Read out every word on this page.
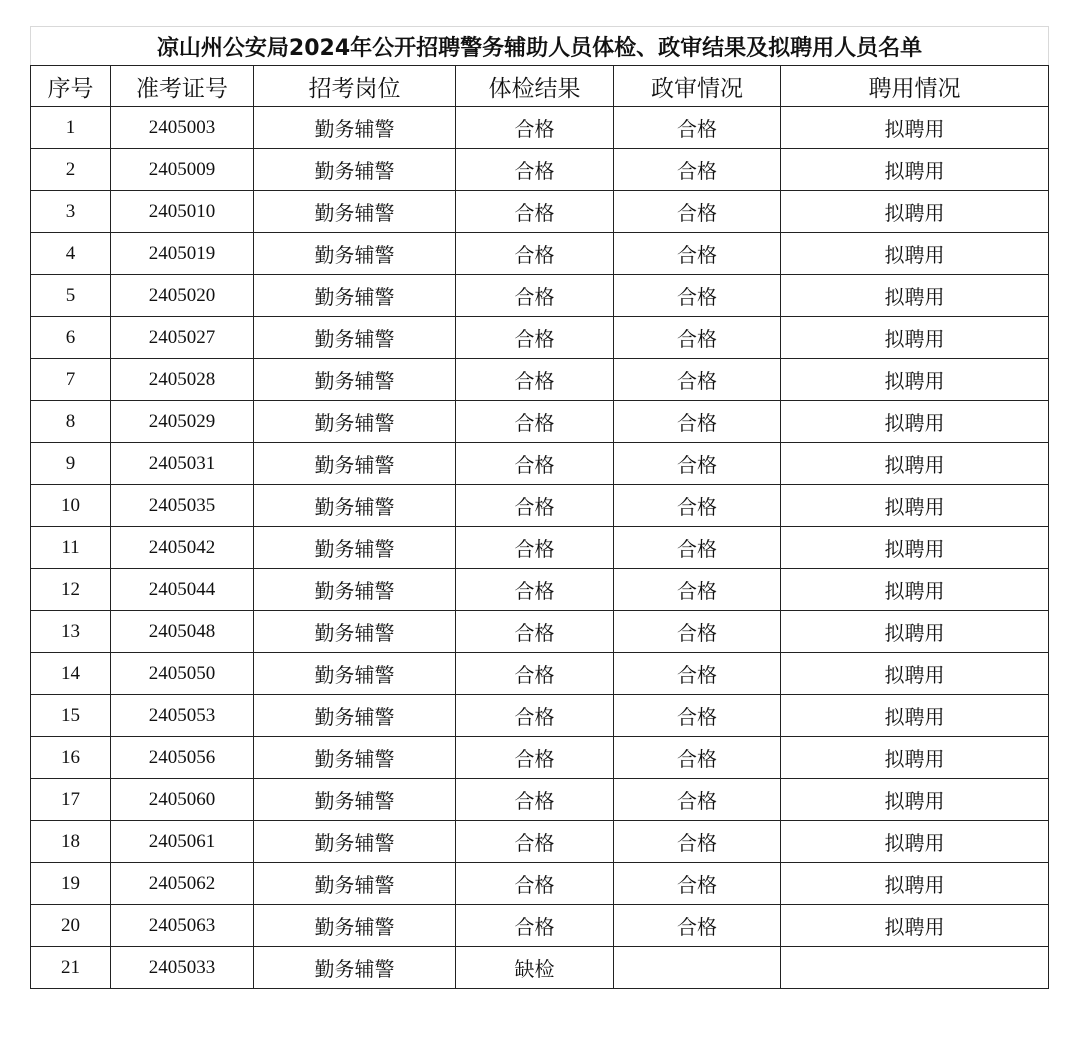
凉山州公安局2024年公开招聘警务辅助人员体检、政审结果及拟聘用人员名单					
序号	准考证号	招考岗位	体检结果	政审情况	聘用情况
1	2405003	勤务辅警	合格	合格	拟聘用
2	2405009	勤务辅警	合格	合格	拟聘用
3	2405010	勤务辅警	合格	合格	拟聘用
4	2405019	勤务辅警	合格	合格	拟聘用
5	2405020	勤务辅警	合格	合格	拟聘用
6	2405027	勤务辅警	合格	合格	拟聘用
7	2405028	勤务辅警	合格	合格	拟聘用
8	2405029	勤务辅警	合格	合格	拟聘用
9	2405031	勤务辅警	合格	合格	拟聘用
10	2405035	勤务辅警	合格	合格	拟聘用
11	2405042	勤务辅警	合格	合格	拟聘用
12	2405044	勤务辅警	合格	合格	拟聘用
13	2405048	勤务辅警	合格	合格	拟聘用
14	2405050	勤务辅警	合格	合格	拟聘用
15	2405053	勤务辅警	合格	合格	拟聘用
16	2405056	勤务辅警	合格	合格	拟聘用
17	2405060	勤务辅警	合格	合格	拟聘用
18	2405061	勤务辅警	合格	合格	拟聘用
19	2405062	勤务辅警	合格	合格	拟聘用
20	2405063	勤务辅警	合格	合格	拟聘用
21	2405033	勤务辅警	缺检		
